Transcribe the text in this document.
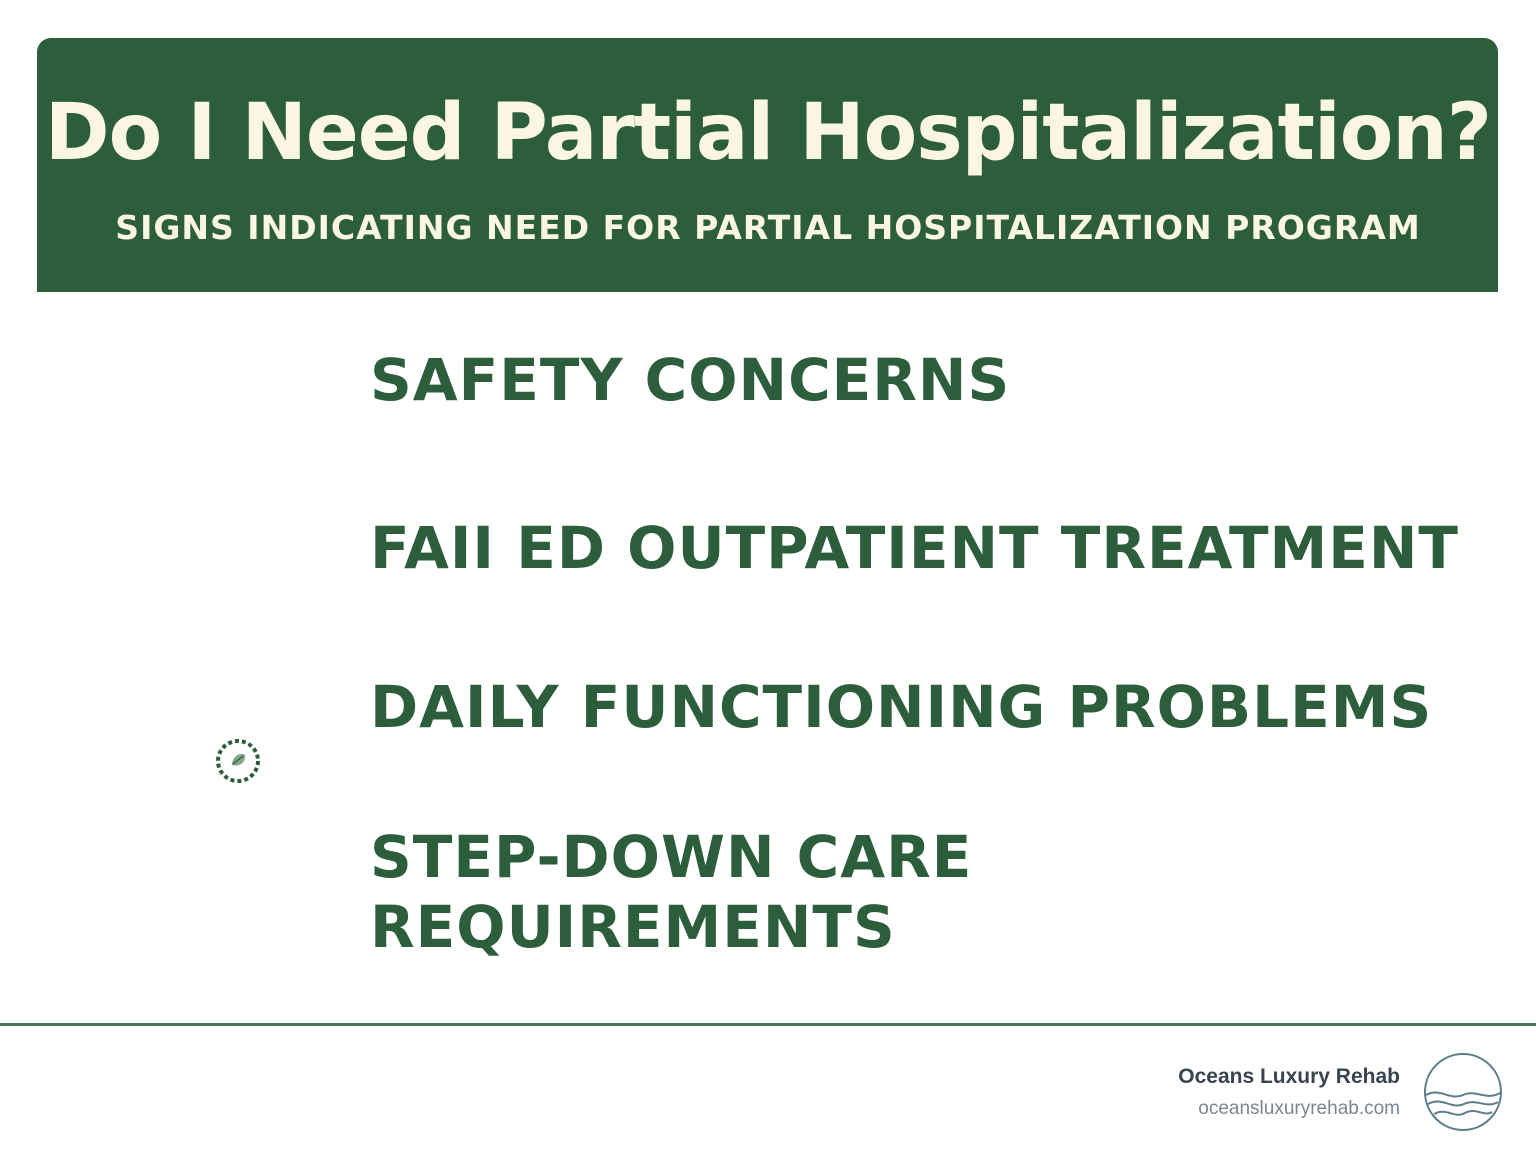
Do I Need Partial Hospitalization?
SIGNS INDICATING NEED FOR PARTIAL HOSPITALIZATION PROGRAM
SAFETY CONCERNS
FAII ED OUTPATIENT TREATMENT
DAILY FUNCTIONING PROBLEMS
STEP-DOWN CARE REQUIREMENTS
Oceans Luxury Rehab
oceansluxuryrehab.com
